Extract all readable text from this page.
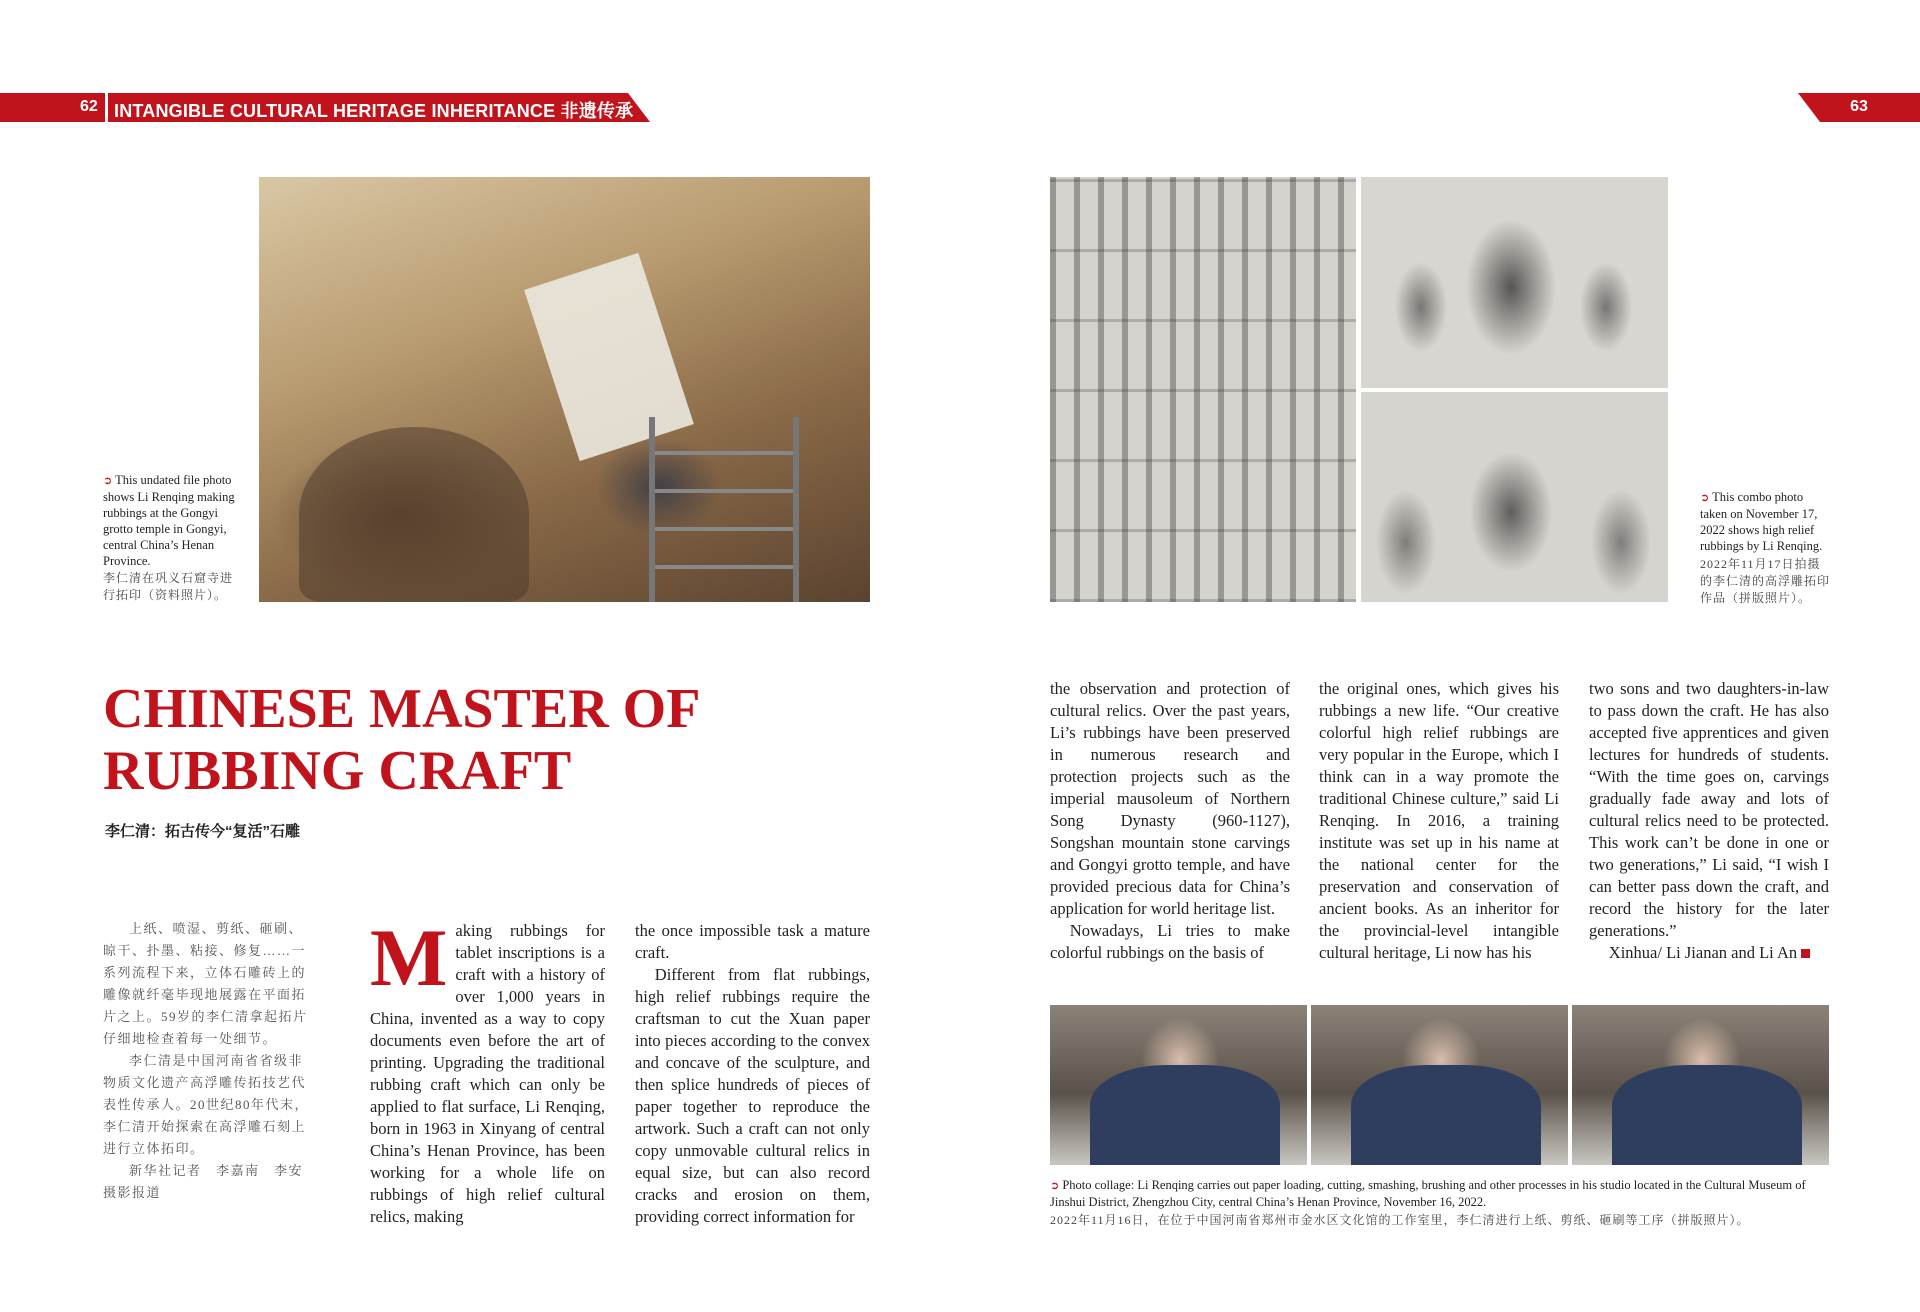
62 INTANGIBLE CULTURAL HERITAGE INHERITANCE 非遗传承	63
➲ This undated file photo shows Li Renqing making rubbings at the Gongyi grotto temple in Gongyi, central China’s Henan Province.
李仁清在巩义石窟寺进行拓印（资料照片）。
➲ This combo photo taken on November 17, 2022 shows high relief rubbings by Li Renqing.
2022年11月17日拍摄的李仁清的高浮雕拓印作品（拼版照片）。
➲ Photo collage: Li Renqing carries out paper loading, cutting, smashing, brushing and other processes in his studio located in the Cultural Museum of Jinshui District, Zhengzhou City, central China’s Henan Province, November 16, 2022.
2022年11月16日，在位于中国河南省郑州市金水区文化馆的工作室里，李仁清进行上纸、剪纸、砸刷等工序（拼版照片）。
CHINESE MASTER OF RUBBING CRAFT
李仁清：拓古传今“复活”石雕

上纸、喷湿、剪纸、砸刷、晾干、扑墨、粘接、修复……一系列流程下来，立体石雕砖上的雕像就纤毫毕现地展露在平面拓片之上。59岁的李仁清拿起拓片仔细地检查着每一处细节。

李仁清是中国河南省省级非物质文化遗产高浮雕传拓技艺代表性传承人。20世纪80年代末，李仁清开始探索在高浮雕石刻上进行立体拓印。

新华社记者　李嘉南　李安　摄影报道

Making rubbings for tablet inscriptions is a craft with a history of over 1,000 years in China, invented as a way to copy documents even before the art of printing. Upgrading the traditional rubbing craft which can only be applied to flat surface, Li Renqing, born in 1963 in Xinyang of central China’s Henan Province, has been working for a whole life on rubbings of high relief cultural relics, making

the once impossible task a mature craft.

Different from flat rubbings, high relief rubbings require the craftsman to cut the Xuan paper into pieces according to the convex and concave of the sculpture, and then splice hundreds of pieces of paper together to reproduce the artwork. Such a craft can not only copy unmovable cultural relics in equal size, but can also record cracks and erosion on them, providing correct information for

the observation and protection of cultural relics. Over the past years, Li’s rubbings have been preserved in numerous research and protection projects such as the imperial mausoleum of Northern Song Dynasty (960-1127), Songshan mountain stone carvings and Gongyi grotto temple, and have provided precious data for China’s application for world heritage list.

Nowadays, Li tries to make colorful rubbings on the basis of

the original ones, which gives his rubbings a new life. “Our creative colorful high relief rubbings are very popular in the Europe, which I think can in a way promote the traditional Chinese culture,” said Li Renqing. In 2016, a training institute was set up in his name at the national center for the preservation and conservation of ancient books. As an inheritor for the provincial-level intangible cultural heritage, Li now has his

two sons and two daughters-in-law to pass down the craft. He has also accepted five apprentices and given lectures for hundreds of students. “With the time goes on, carvings gradually fade away and lots of cultural relics need to be protected. This work can’t be done in one or two generations,” Li said, “I wish I can better pass down the craft, and record the history for the later generations.”

Xinhua/ Li Jianan and Li An
